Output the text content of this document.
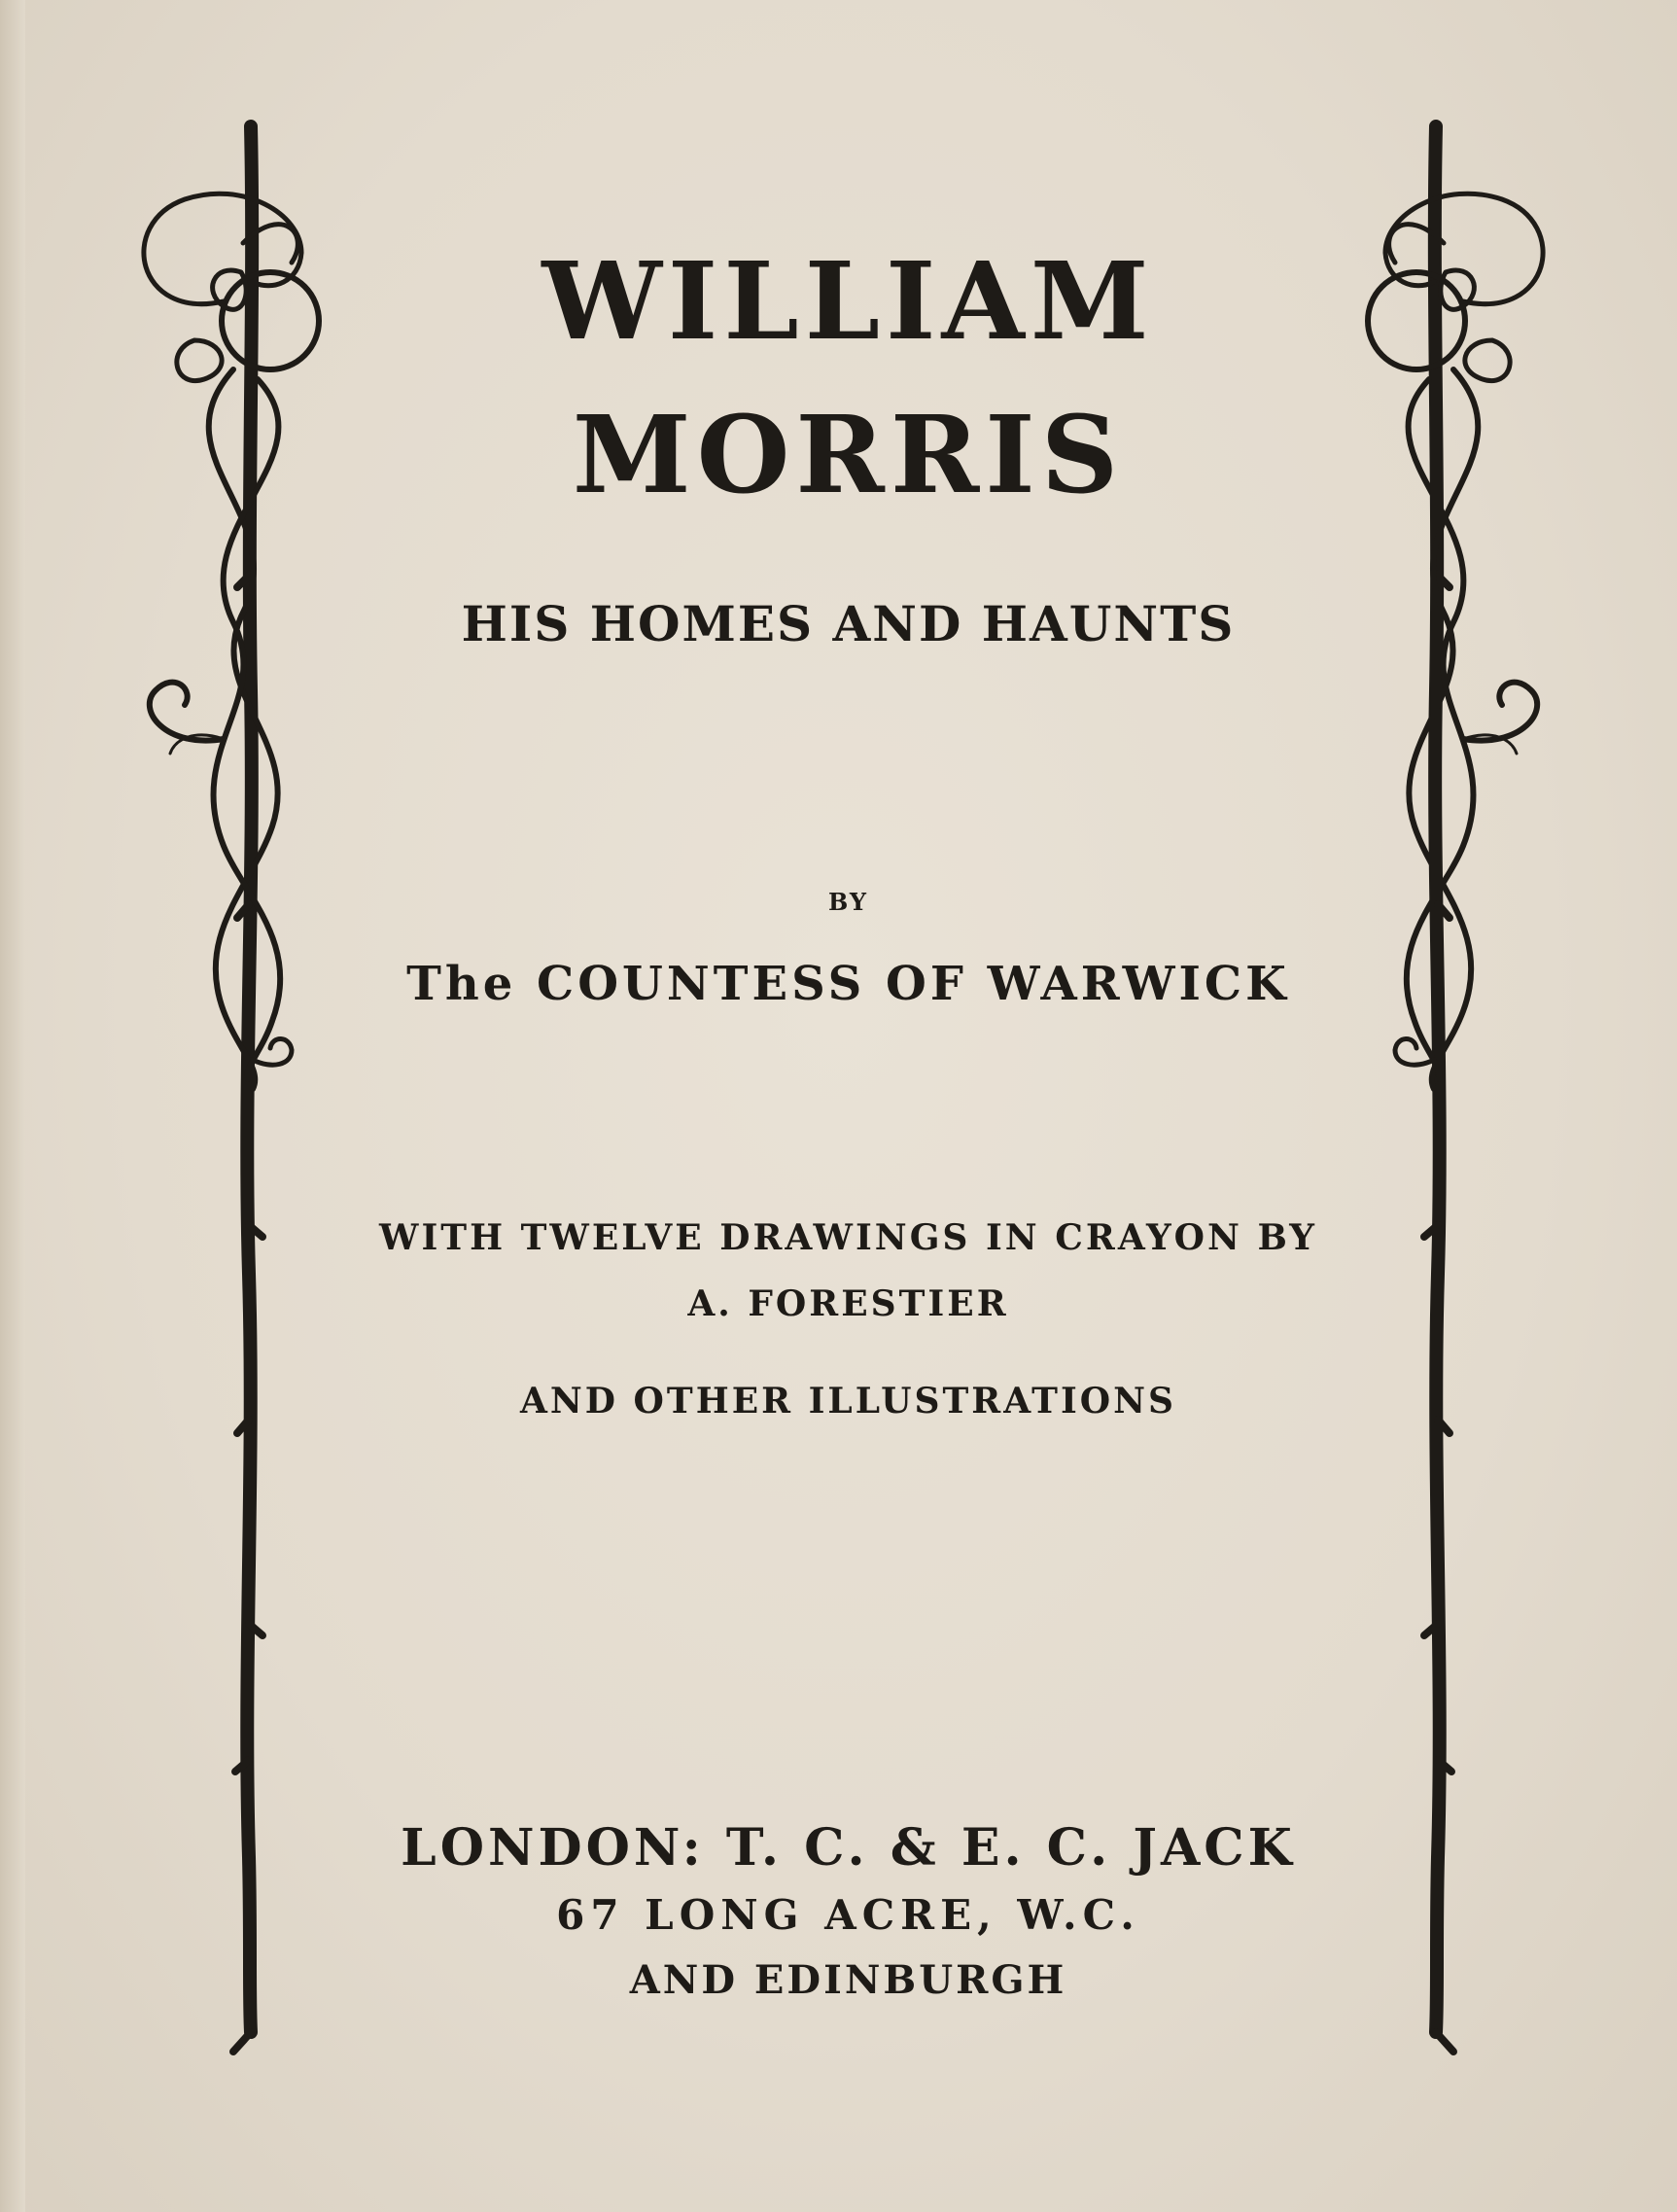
WILLIAM
MORRIS
HIS HOMES AND HAUNTS
BY
The COUNTESS OF WARWICK
WITH TWELVE DRAWINGS IN CRAYON BY
A. FORESTIER
AND OTHER ILLUSTRATIONS
LONDON: T. C. & E. C. JACK
67 LONG ACRE, W.C.
AND EDINBURGH
